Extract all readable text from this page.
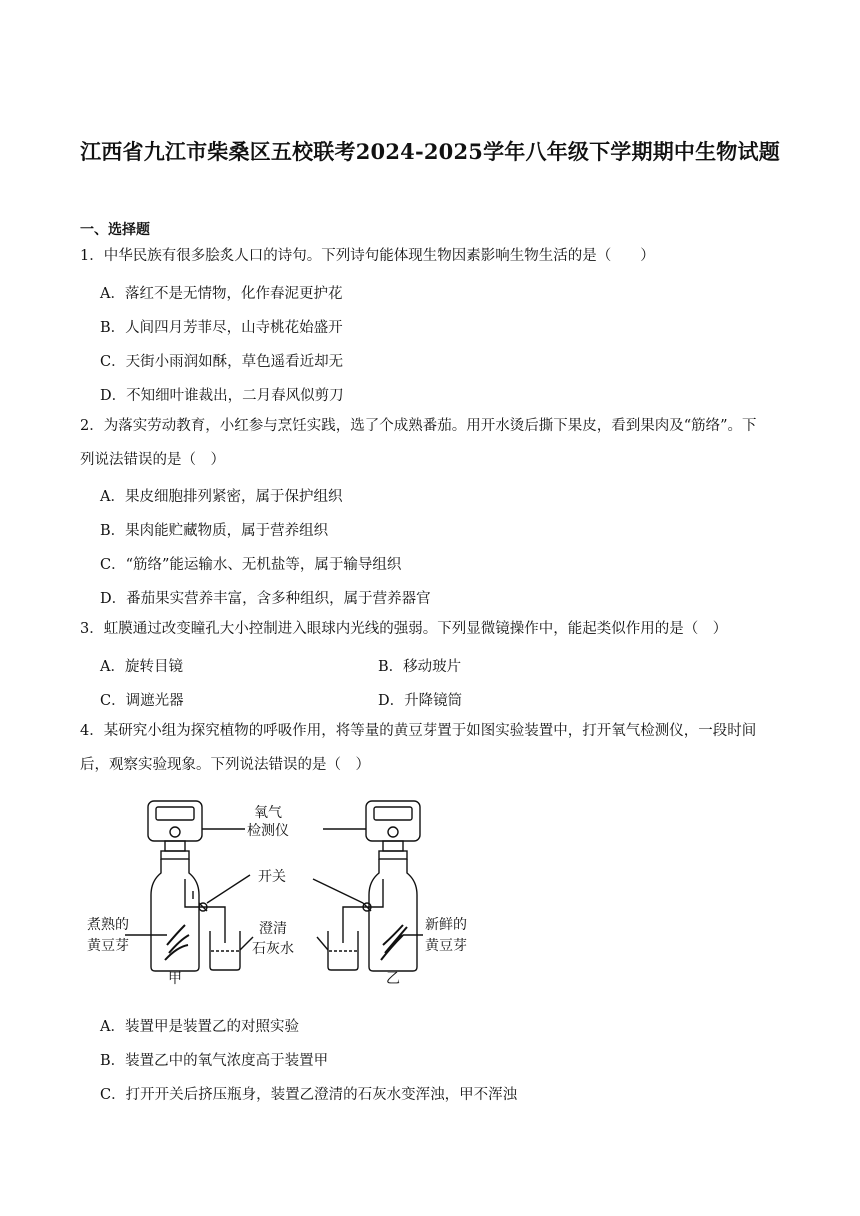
江西省九江市柴桑区五校联考2024-2025学年八年级下学期期中生物试题
一、选择题
1．中华民族有很多脍炙人口的诗句。下列诗句能体现生物因素影响生物生活的是（　　）
A．落红不是无情物，化作春泥更护花
B．人间四月芳菲尽，山寺桃花始盛开
C．天街小雨润如酥，草色遥看近却无
D．不知细叶谁裁出，二月春风似剪刀
2．为落实劳动教育，小红参与烹饪实践，选了个成熟番茄。用开水烫后撕下果皮，看到果肉及“筋络”。下
列说法错误的是（　）
A．果皮细胞排列紧密，属于保护组织
B．果肉能贮藏物质，属于营养组织
C．“筋络”能运输水、无机盐等，属于输导组织
D．番茄果实营养丰富，含多种组织，属于营养器官
3．虹膜通过改变瞳孔大小控制进入眼球内光线的强弱。下列显微镜操作中，能起类似作用的是（　）
A．旋转目镜	B．移动玻片
C．调遮光器	D．升降镜筒
4．某研究小组为探究植物的呼吸作用，将等量的黄豆芽置于如图实验装置中，打开氧气检测仪，一段时间
后，观察实验现象。下列说法错误的是（　）
氧气
检测仪
开关
煮熟的
黄豆芽
澄清
石灰水
新鲜的
黄豆芽
甲	乙
A．装置甲是装置乙的对照实验
B．装置乙中的氧气浓度高于装置甲
C．打开开关后挤压瓶身，装置乙澄清的石灰水变浑浊，甲不浑浊
